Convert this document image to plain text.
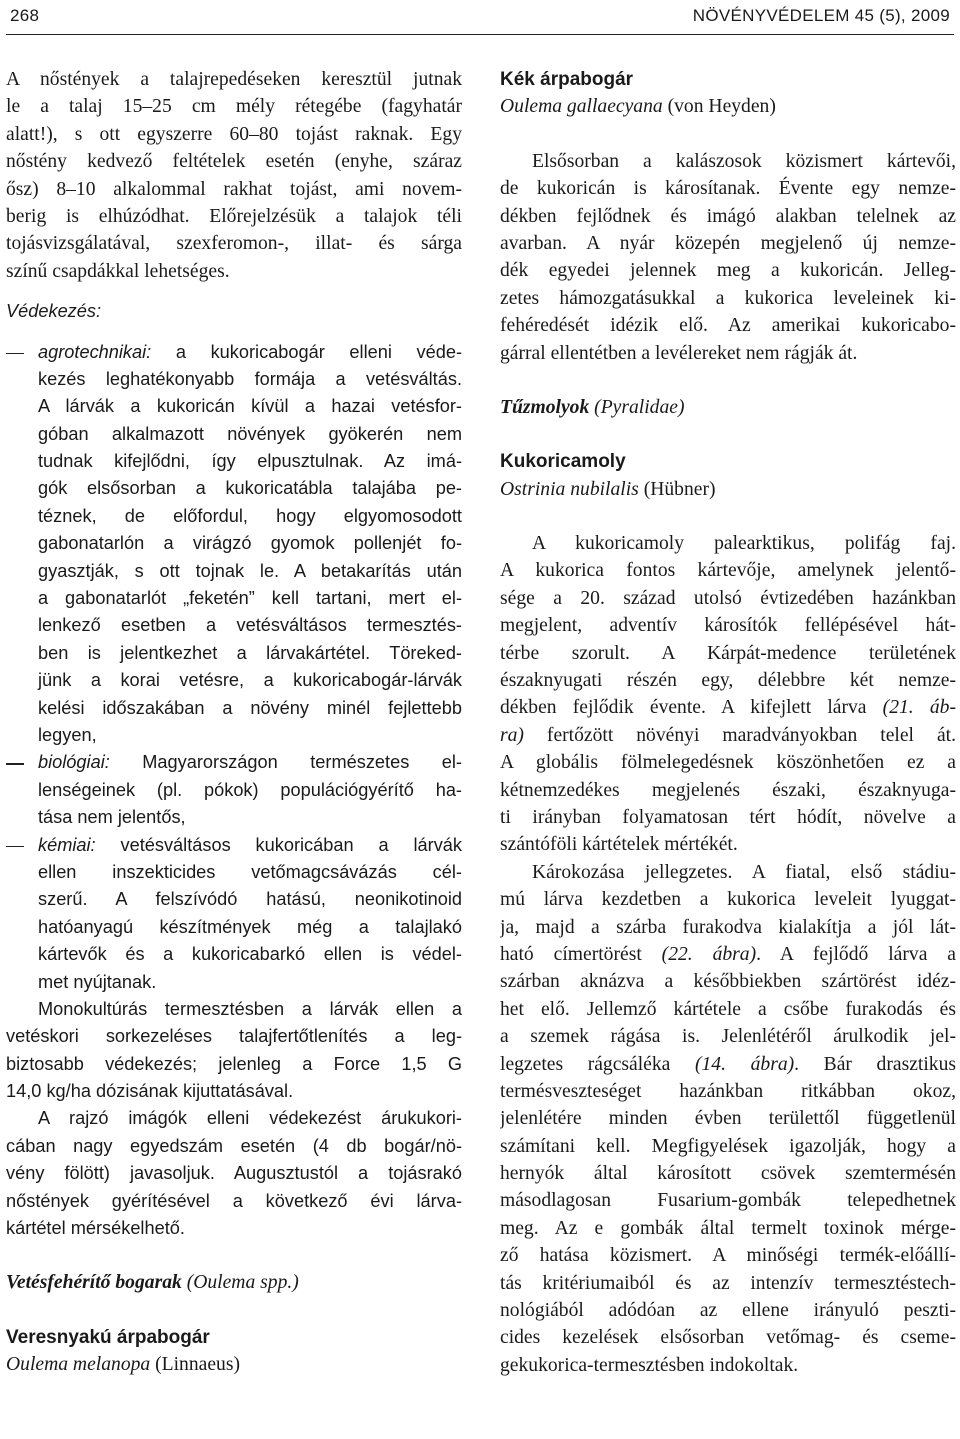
268	NÖVÉNYVÉDELEM 45 (5), 2009
A nőstények a talajrepedéseken keresztül jutnak
le a talaj 15–25 cm mély rétegébe (fagyhatár
alatt!), s ott egyszerre 60–80 tojást raknak. Egy
nőstény kedvező feltételek esetén (enyhe, száraz
ősz) 8–10 alkalommal rakhat tojást, ami novem-
berig is elhúzódhat. Előrejelzésük a talajok téli
tojásvizsgálatával, szexferomon-, illat- és sárga
színű csapdákkal lehetséges.
Védekezés:
agrotechnikai: a kukoricabogár elleni véde-
kezés leghatékonyabb formája a vetésváltás.
A lárvák a kukoricán kívül a hazai vetésfor-
góban alkalmazott növények gyökerén nem
tudnak kifejlődni, így elpusztulnak. Az imá-
gók elsősorban a kukoricatábla talajába pe-
téznek, de előfordul, hogy elgyomosodott
gabonatarlón a virágzó gyomok pollenjét fo-
gyasztják, s ott tojnak le. A betakarítás után
a gabonatarlót „feketén” kell tartani, mert el-
lenkező esetben a vetésváltásos termesztés-
ben is jelentkezhet a lárvakártétel. Töreked-
jünk a korai vetésre, a kukoricabogár-lárvák
kelési időszakában a növény minél fejlettebb
legyen,
biológiai: Magyarországon természetes el-
lenségeinek (pl. pókok) populációgyérítő ha-
tása nem jelentős,
kémiai: vetésváltásos kukoricában a lárvák
ellen inszekticides vetőmagcsávázás cél-
szerű. A felszívódó hatású, neonikotinoid
hatóanyagú készítmények még a talajlakó
kártevők és a kukoricabarkó ellen is védel-
met nyújtanak.
Monokultúrás termesztésben a lárvák ellen a
vetéskori sorkezeléses talajfertőtlenítés a leg-
biztosabb védekezés; jelenleg a Force 1,5 G
14,0 kg/ha dózisának kijuttatásával.
A rajzó imágók elleni védekezést árukukori-
cában nagy egyedszám esetén (4 db bogár/nö-
vény fölött) javasoljuk. Augusztustól a tojásrakó
nőstények gyérítésével a következő évi lárva-
kártétel mérsékelhető.
Vetésfehérítő bogarak (Oulema spp.)
Veresnyakú árpabogár
Oulema melanopa (Linnaeus)
Kék árpabogár
Oulema gallaecyana (von Heyden)
Elsősorban a kalászosok közismert kártevői,
de kukoricán is károsítanak. Évente egy nemze-
dékben fejlődnek és imágó alakban telelnek az
avarban. A nyár közepén megjelenő új nemze-
dék egyedei jelennek meg a kukoricán. Jelleg-
zetes hámozgatásukkal a kukorica leveleinek ki-
fehéredését idézik elő. Az amerikai kukoricabo-
gárral ellentétben a levélereket nem rágják át.
Tűzmolyok (Pyralidae)
Kukoricamoly
Ostrinia nubilalis (Hübner)
A kukoricamoly palearktikus, polifág faj.
A kukorica fontos kártevője, amelynek jelentő-
sége a 20. század utolsó évtizedében hazánkban
megjelent, adventív károsítók fellépésével hát-
térbe szorult. A Kárpát-medence területének
északnyugati részén egy, délebbre két nemze-
dékben fejlődik évente. A kifejlett lárva (21. áb-
ra) fertőzött növényi maradványokban telel át.
A globális fölmelegedésnek köszönhetően ez a
kétnemzedékes megjelenés északi, északnyuga-
ti irányban folyamatosan tért hódít, növelve a
szántóföli kártételek mértékét.
Károkozása jellegzetes. A fiatal, első stádiu-
mú lárva kezdetben a kukorica leveleit lyuggat-
ja, majd a szárba furakodva kialakítja a jól lát-
ható címertörést (22. ábra). A fejlődő lárva a
szárban aknázva a későbbiekben szártörést idéz-
het elő. Jellemző kártétele a csőbe furakodás és
a szemek rágása is. Jelenlétéről árulkodik jel-
legzetes rágcsáléka (14. ábra). Bár drasztikus
termésveszteséget hazánkban ritkábban okoz,
jelenlétére minden évben területtől függetlenül
számítani kell. Megfigyelések igazolják, hogy a
hernyók által károsított csövek szemtermésén
másodlagosan Fusarium-gombák telepedhetnek
meg. Az e gombák által termelt toxinok mérge-
ző hatása közismert. A minőségi termék-előállí-
tás kritériumaiból és az intenzív termesztéstech-
nológiából adódóan az ellene irányuló peszti-
cides kezelések elsősorban vetőmag- és cseme-
gekukorica-termesztésben indokoltak.
